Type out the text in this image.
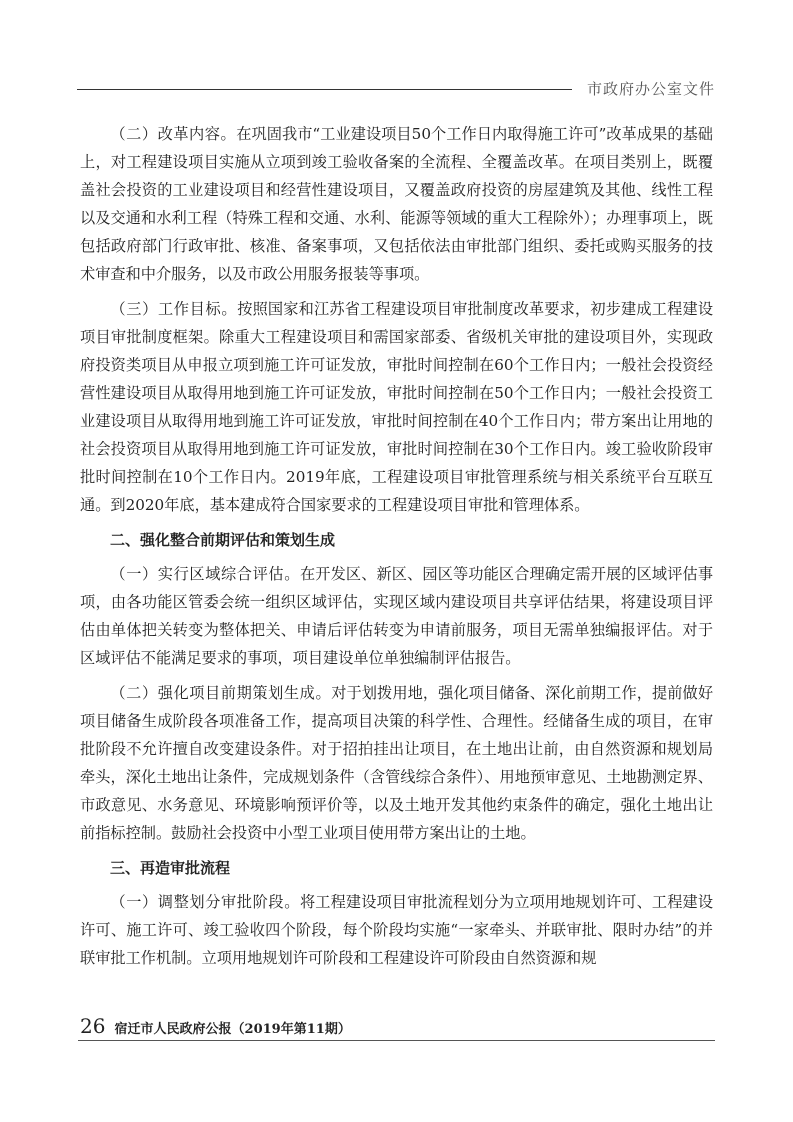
市政府办公室文件

（二）改革内容。在巩固我市“工业建设项目50个工作日内取得施工许可”改革成果的基础上，对工程建设项目实施从立项到竣工验收备案的全流程、全覆盖改革。在项目类别上，既覆盖社会投资的工业建设项目和经营性建设项目，又覆盖政府投资的房屋建筑及其他、线性工程以及交通和水利工程（特殊工程和交通、水利、能源等领域的重大工程除外）；办理事项上，既包括政府部门行政审批、核准、备案事项，又包括依法由审批部门组织、委托或购买服务的技术审查和中介服务，以及市政公用服务报装等事项。

（三）工作目标。按照国家和江苏省工程建设项目审批制度改革要求，初步建成工程建设项目审批制度框架。除重大工程建设项目和需国家部委、省级机关审批的建设项目外，实现政府投资类项目从申报立项到施工许可证发放，审批时间控制在60个工作日内；一般社会投资经营性建设项目从取得用地到施工许可证发放，审批时间控制在50个工作日内；一般社会投资工业建设项目从取得用地到施工许可证发放，审批时间控制在40个工作日内；带方案出让用地的社会投资项目从取得用地到施工许可证发放，审批时间控制在30个工作日内。竣工验收阶段审批时间控制在10个工作日内。2019年底，工程建设项目审批管理系统与相关系统平台互联互通。到2020年底，基本建成符合国家要求的工程建设项目审批和管理体系。

二、强化整合前期评估和策划生成

（一）实行区域综合评估。在开发区、新区、园区等功能区合理确定需开展的区域评估事项，由各功能区管委会统一组织区域评估，实现区域内建设项目共享评估结果，将建设项目评估由单体把关转变为整体把关、申请后评估转变为申请前服务，项目无需单独编报评估。对于区域评估不能满足要求的事项，项目建设单位单独编制评估报告。

（二）强化项目前期策划生成。对于划拨用地，强化项目储备、深化前期工作，提前做好项目储备生成阶段各项准备工作，提高项目决策的科学性、合理性。经储备生成的项目，在审批阶段不允许擅自改变建设条件。对于招拍挂出让项目，在土地出让前，由自然资源和规划局牵头，深化土地出让条件，完成规划条件（含管线综合条件）、用地预审意见、土地勘测定界、市政意见、水务意见、环境影响预评价等，以及土地开发其他约束条件的确定，强化土地出让前指标控制。鼓励社会投资中小型工业项目使用带方案出让的土地。

三、再造审批流程

（一）调整划分审批阶段。将工程建设项目审批流程划分为立项用地规划许可、工程建设许可、施工许可、竣工验收四个阶段，每个阶段均实施“一家牵头、并联审批、限时办结”的并联审批工作机制。立项用地规划许可阶段和工程建设许可阶段由自然资源和规

26 宿迁市人民政府公报（2019年第11期）
